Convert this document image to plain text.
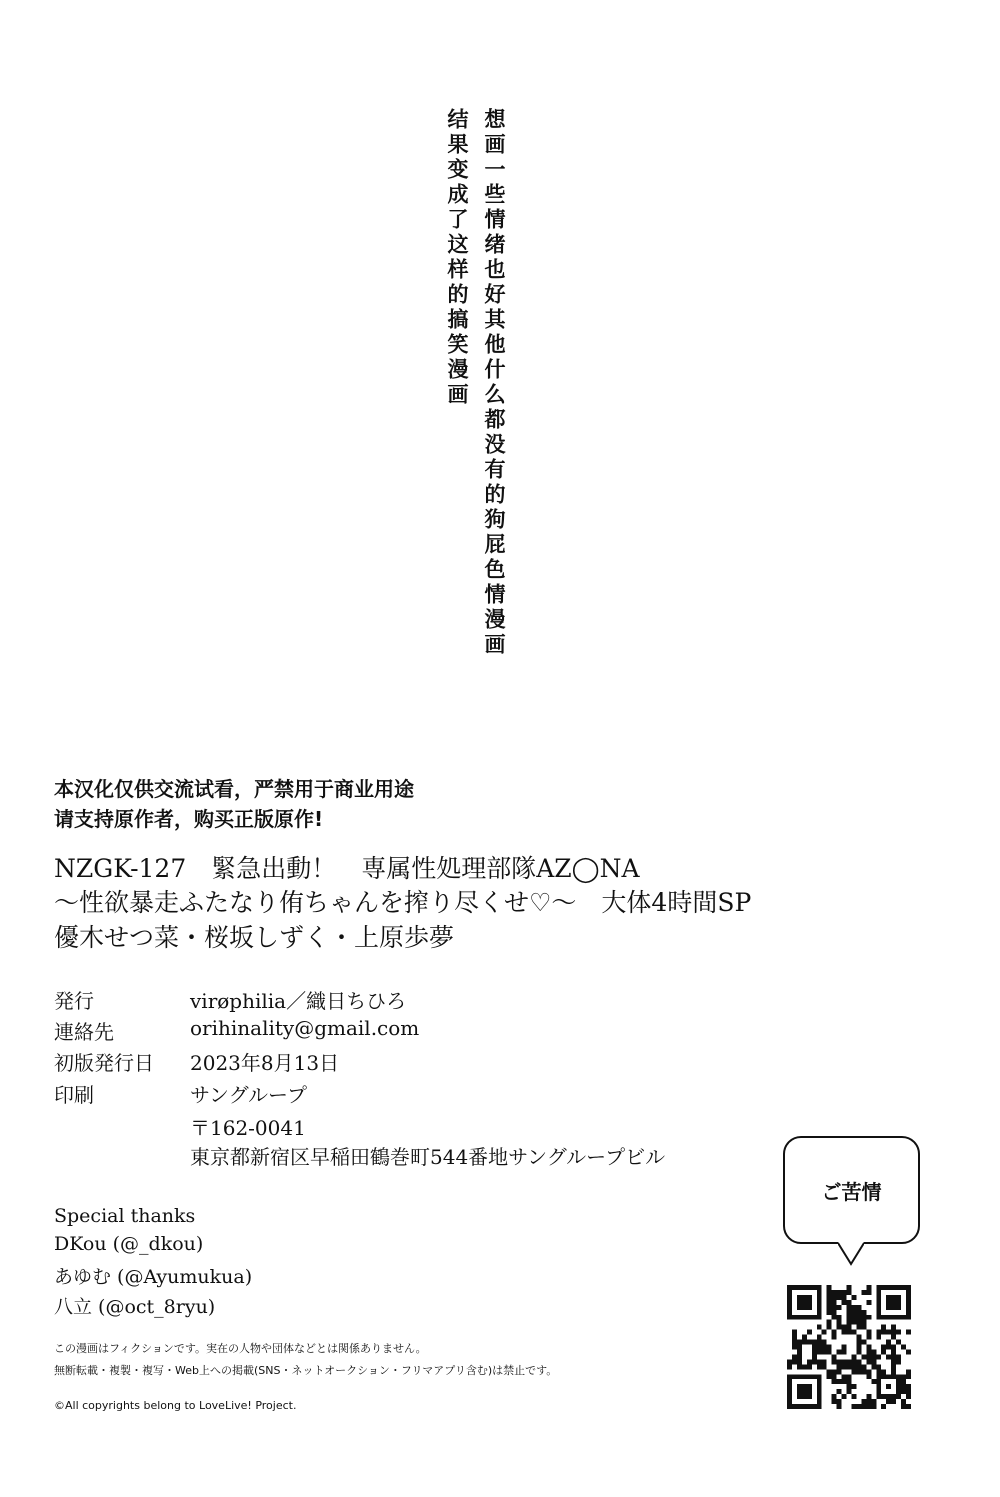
想画一些情绪也好其他什么都没有的狗屁色情漫画
结果变成了这样的搞笑漫画
本汉化仅供交流试看，严禁用于商业用途
请支持原作者，购买正版原作!
NZGK-127　緊急出動！　専属性処理部隊AZ◯NA
～性欲暴走ふたなり侑ちゃんを搾り尽くせ♡～　大体4時間SP
優木せつ菜・桜坂しずく・上原歩夢
発行	virøphilia／織日ちひろ
連絡先	orihinality@gmail.com
初版発行日 2023年8月13日
印刷	サングループ
〒162-0041
東京都新宿区早稲田鶴巻町544番地サングループビル
Special thanks
DKou (@_dkou)
あゆむ (@Ayumukua)
八立 (@oct_8ryu)
この漫画はフィクションです。実在の人物や団体などとは関係ありません。
無断転載・複製・複写・Web上への掲載(SNS・ネットオークション・フリマアプリ含む)は禁止です。
©All copyrights belong to LoveLive! Project.
ご苦情
